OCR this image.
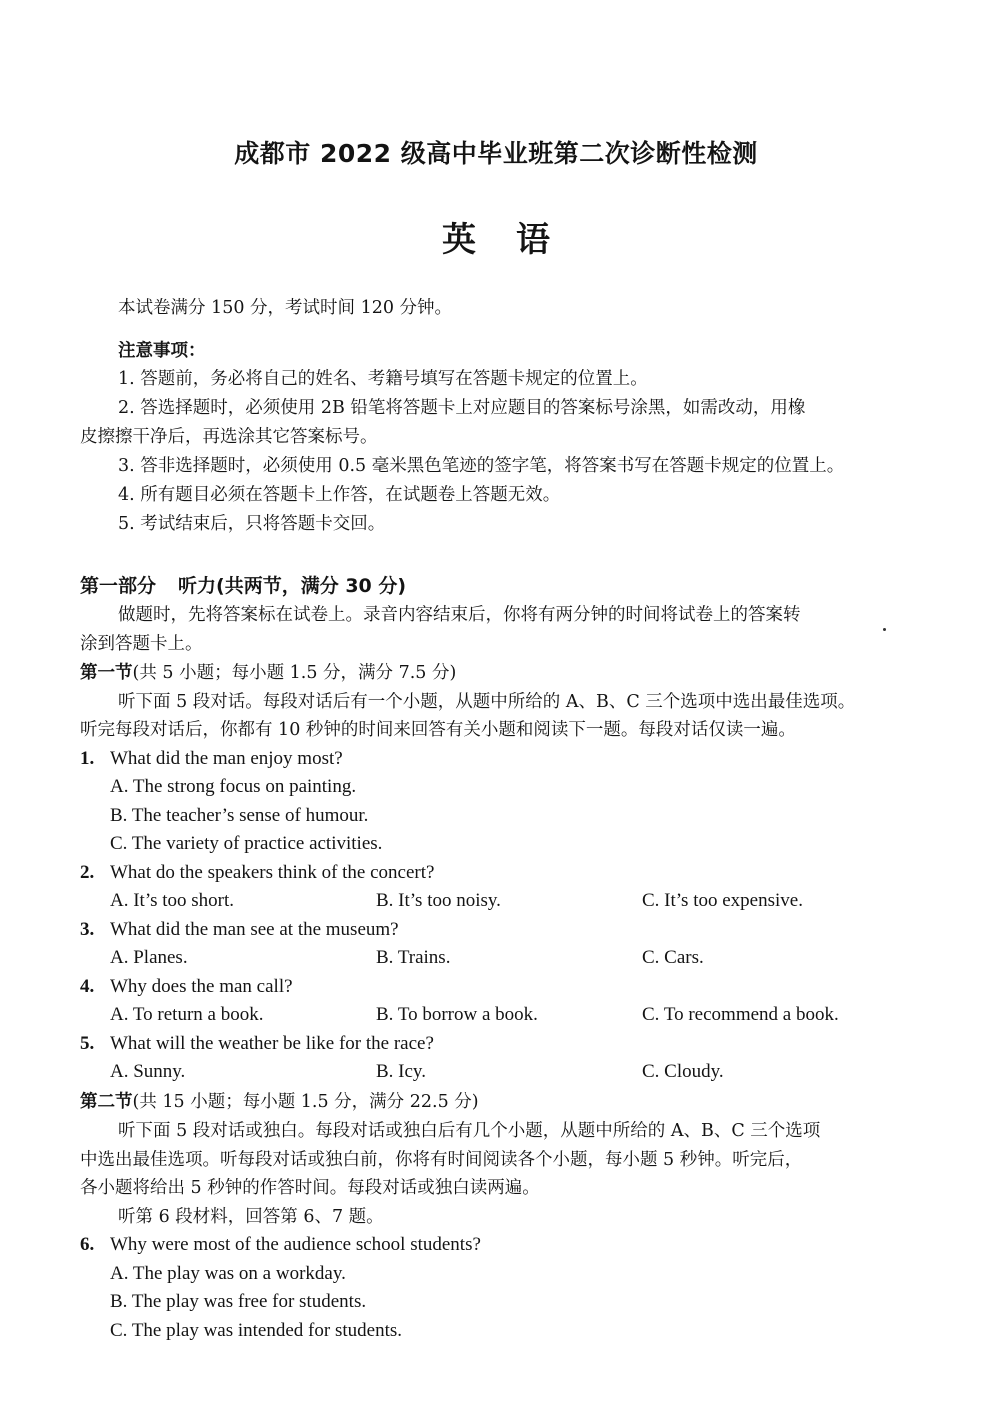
成都市 2022 级高中毕业班第二次诊断性检测
英语
本试卷满分 150 分，考试时间 120 分钟。
注意事项：
1. 答题前，务必将自己的姓名、考籍号填写在答题卡规定的位置上。
2. 答选择题时，必须使用 2B 铅笔将答题卡上对应题目的答案标号涂黑，如需改动，用橡
皮擦擦干净后，再选涂其它答案标号。
3. 答非选择题时，必须使用 0.5 毫米黑色笔迹的签字笔，将答案书写在答题卡规定的位置上。
4. 所有题目必须在答题卡上作答，在试题卷上答题无效。
5. 考试结束后，只将答题卡交回。
第一部分 听力(共两节，满分 30 分)
做题时，先将答案标在试卷上。录音内容结束后，你将有两分钟的时间将试卷上的答案转
涂到答题卡上。
第一节(共 5 小题；每小题 1.5 分，满分 7.5 分)
听下面 5 段对话。每段对话后有一个小题，从题中所给的 A、B、C 三个选项中选出最佳选项。
听完每段对话后，你都有 10 秒钟的时间来回答有关小题和阅读下一题。每段对话仅读一遍。
1. What did the man enjoy most?
A. The strong focus on painting.
B. The teacher’s sense of humour.
C. The variety of practice activities.
2. What do the speakers think of the concert?
A. It’s too short.	B. It’s too noisy.	C. It’s too expensive.
3. What did the man see at the museum?
A. Planes.	B. Trains.	C. Cars.
4. Why does the man call?
A. To return a book.	B. To borrow a book.	C. To recommend a book.
5. What will the weather be like for the race?
A. Sunny.	B. Icy.	C. Cloudy.
第二节(共 15 小题；每小题 1.5 分，满分 22.5 分)
听下面 5 段对话或独白。每段对话或独白后有几个小题，从题中所给的 A、B、C 三个选项
中选出最佳选项。听每段对话或独白前，你将有时间阅读各个小题，每小题 5 秒钟。听完后，
各小题将给出 5 秒钟的作答时间。每段对话或独白读两遍。
听第 6 段材料，回答第 6、7 题。
6. Why were most of the audience school students?
A. The play was on a workday.
B. The play was free for students.
C. The play was intended for students.
